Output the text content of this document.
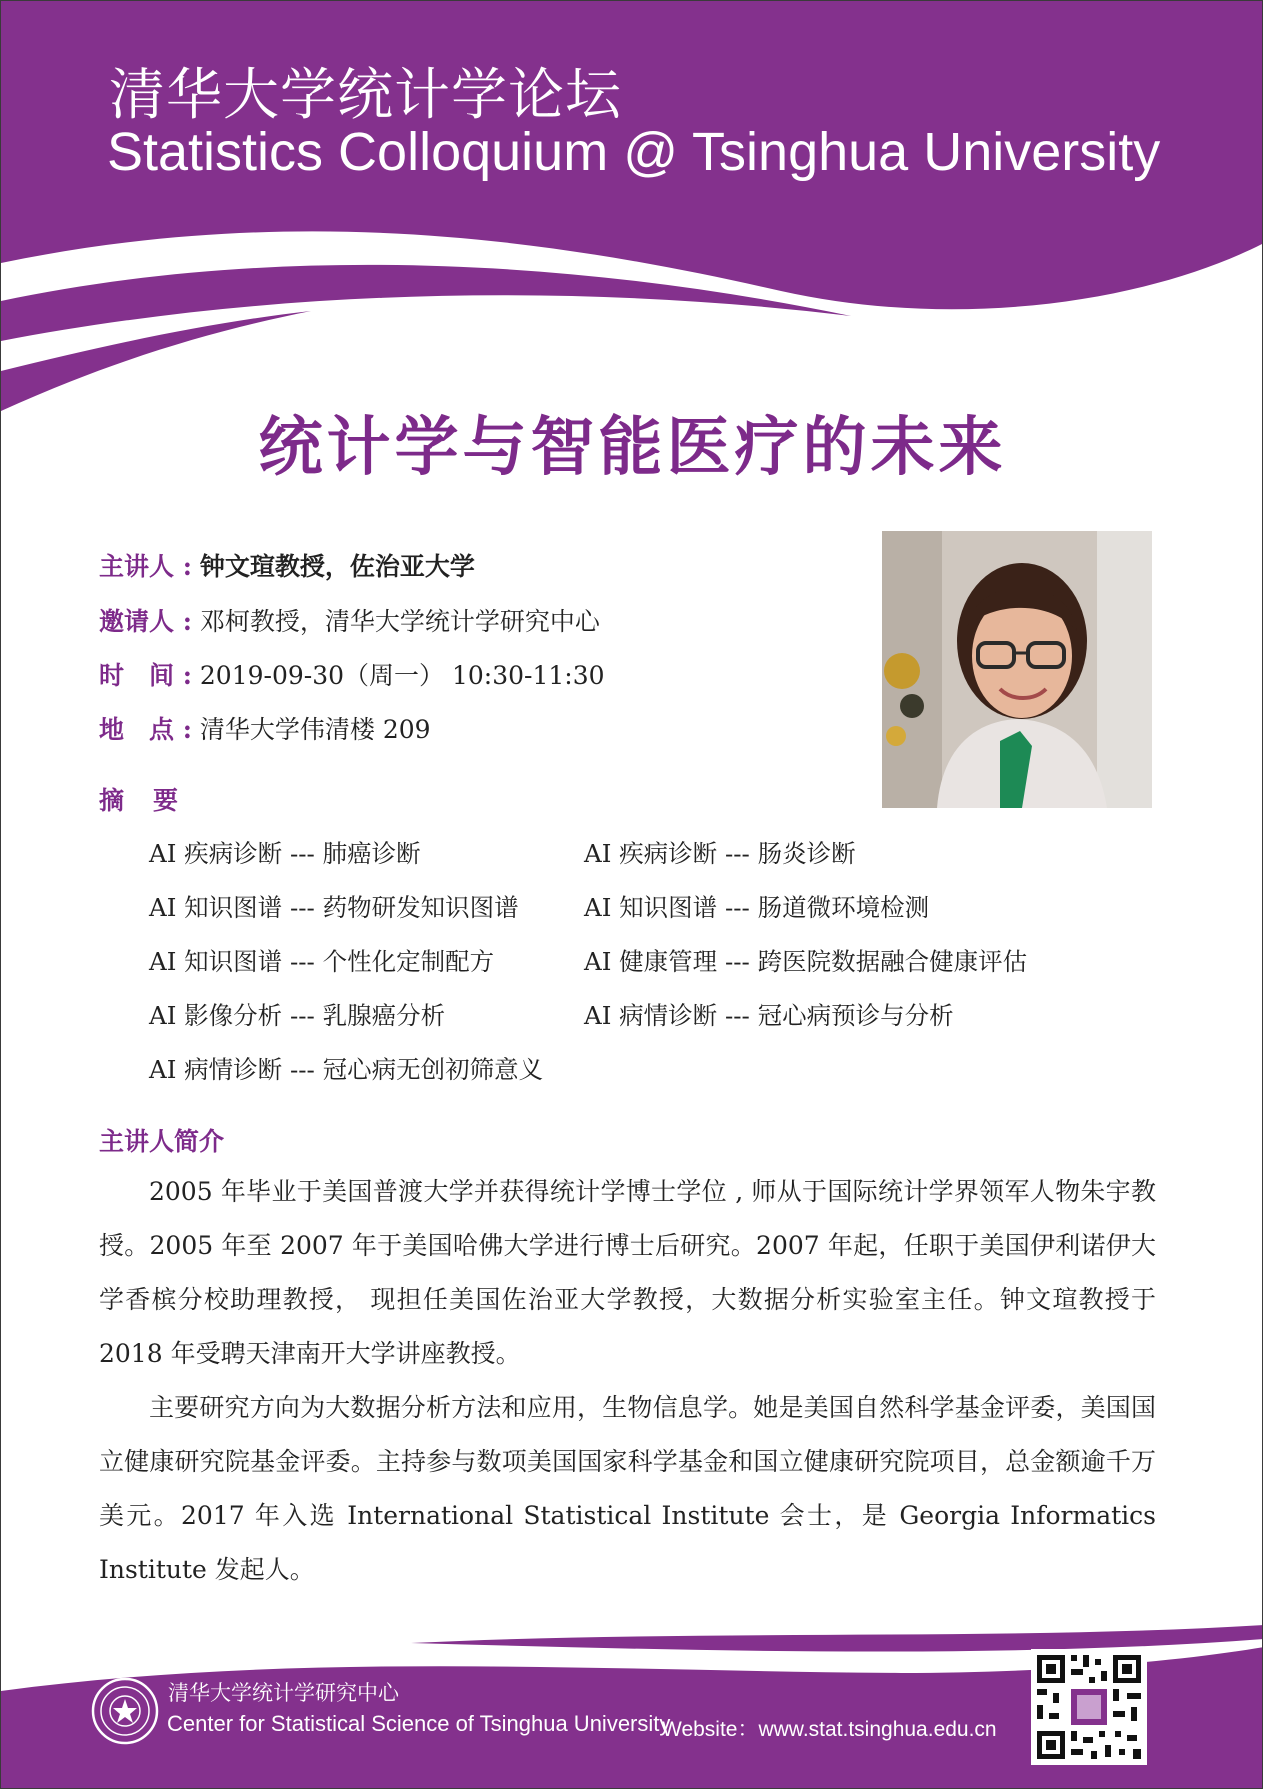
清华大学统计学论坛
Statistics Colloquium @ Tsinghua University
统计学与智能医疗的未来
主讲人 : 钟文瑄教授，佐治亚大学
邀请人 : 邓柯教授，清华大学统计学研究中心
时　间 : 2019-09-30（周一） 10:30-11:30
地　点 : 清华大学伟清楼 209
摘　要
AI 疾病诊断 --- 肺癌诊断
AI 知识图谱 --- 药物研发知识图谱
AI 知识图谱 --- 个性化定制配方
AI 影像分析 --- 乳腺癌分析
AI 病情诊断 --- 冠心病无创初筛意义
AI 疾病诊断 --- 肠炎诊断
AI 知识图谱 --- 肠道微环境检测
AI 健康管理 --- 跨医院数据融合健康评估
AI 病情诊断 --- 冠心病预诊与分析
主讲人简介

2005 年毕业于美国普渡大学并获得统计学博士学位 , 师从于国际统计学界领军人物朱宇教授。2005 年至 2007 年于美国哈佛大学进行博士后研究。2007 年起，任职于美国伊利诺伊大学香槟分校助理教授， 现担任美国佐治亚大学教授，大数据分析实验室主任。钟文瑄教授于 2018 年受聘天津南开大学讲座教授。

主要研究方向为大数据分析方法和应用，生物信息学。她是美国自然科学基金评委，美国国立健康研究院基金评委。主持参与数项美国国家科学基金和国立健康研究院项目，总金额逾千万美元。2017 年入选 International Statistical Institute 会士，是 Georgia Informatics Institute 发起人。

清华大学统计学研究中心
Center for Statistical Science of Tsinghua University
Website：www.stat.tsinghua.edu.cn
